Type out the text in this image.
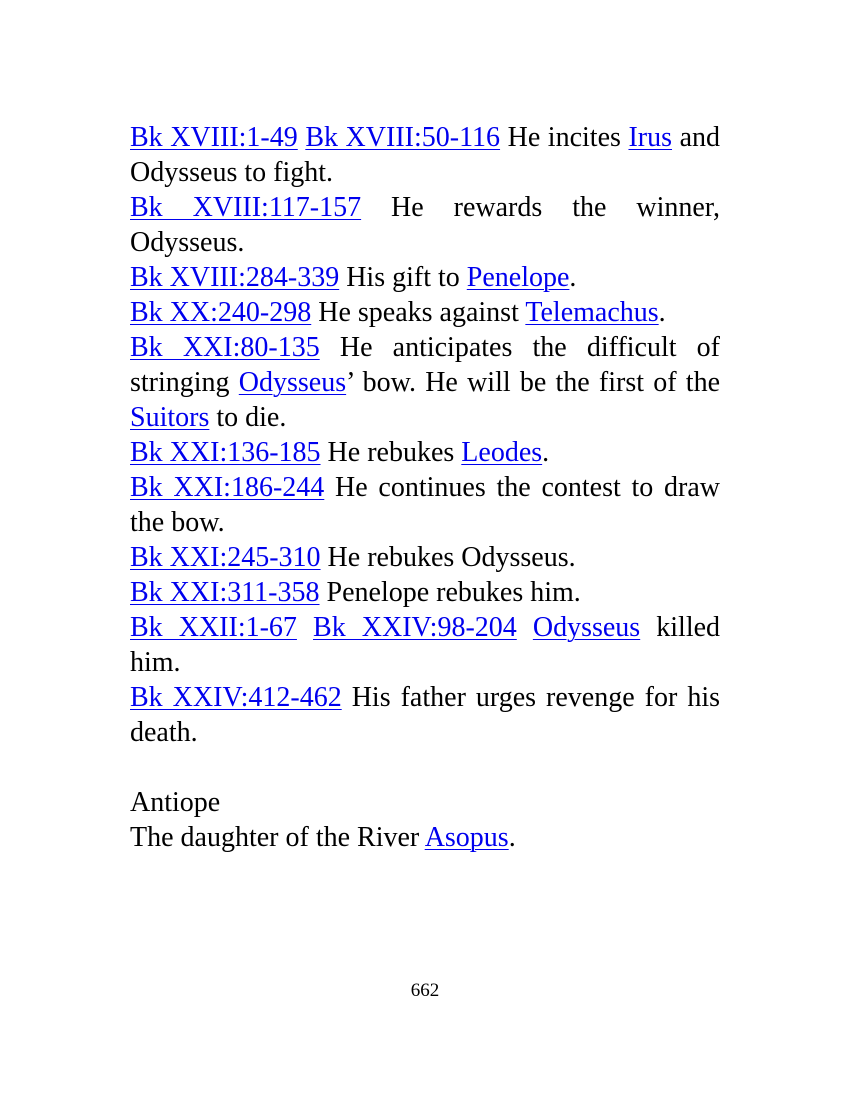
Bk XVIII:1-49 Bk XVIII:50-116 He incites Irus and Odysseus to fight.

Bk XVIII:117-157 He rewards the winner, Odysseus.

Bk XVIII:284-339 His gift to Penelope.

Bk XX:240-298 He speaks against Telemachus.

Bk XXI:80-135 He anticipates the difficult of stringing Odysseus’ bow. He will be the first of the Suitors to die.

Bk XXI:136-185 He rebukes Leodes.

Bk XXI:186-244 He continues the contest to draw the bow.

Bk XXI:245-310 He rebukes Odysseus.

Bk XXI:311-358 Penelope rebukes him.

Bk XXII:1-67 Bk XXIV:98-204 Odysseus killed him.

Bk XXIV:412-462 His father urges revenge for his death.

Antiope

The daughter of the River Asopus.

662
